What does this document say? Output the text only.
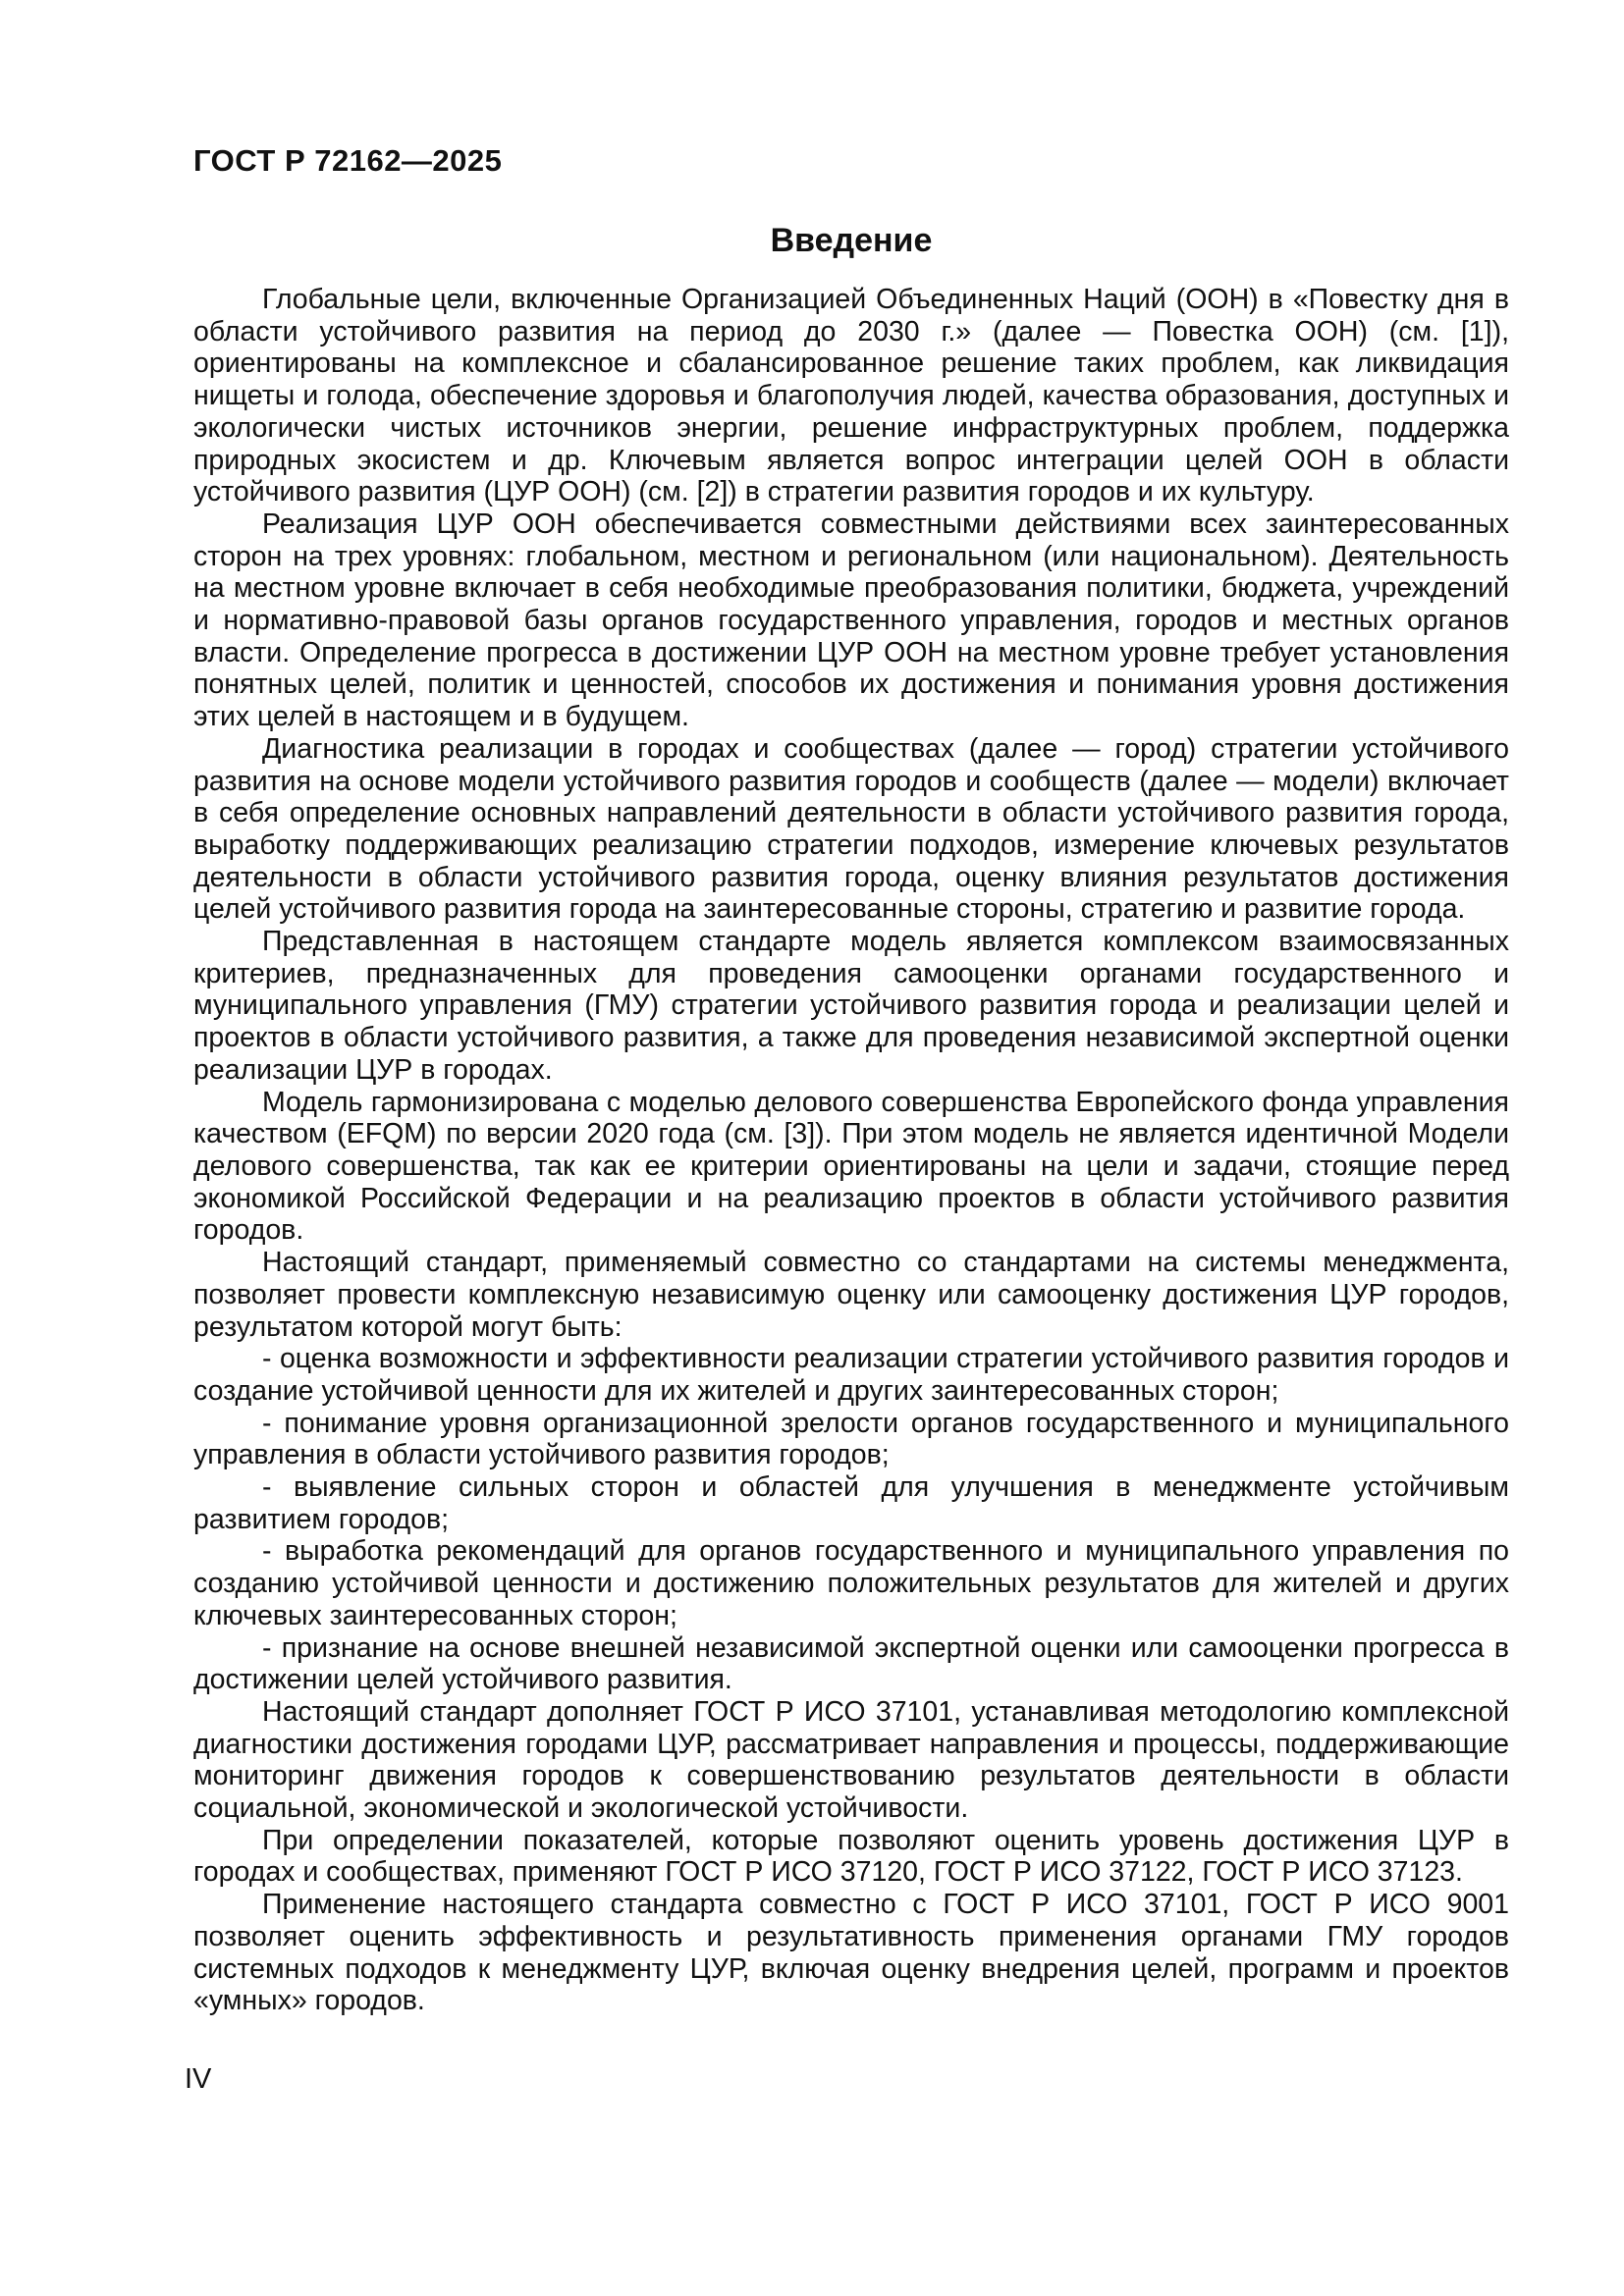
ГОСТ Р 72162—2025
Введение

Глобальные цели, включенные Организацией Объединенных Наций (ООН) в «Повестку дня в области устойчивого развития на период до 2030 г.» (далее — Повестка ООН) (см. [1]), ориентированы на комплексное и сбалансированное решение таких проблем, как ликвидация нищеты и голода, обеспечение здоровья и благополучия людей, качества образования, доступных и экологически чистых источников энергии, решение инфраструктурных проблем, поддержка природных экосистем и др. Ключевым является вопрос интеграции целей ООН в области устойчивого развития (ЦУР ООН) (см. [2]) в стратегии развития городов и их культуру.

Реализация ЦУР ООН обеспечивается совместными действиями всех заинтересованных сторон на трех уровнях: глобальном, местном и региональном (или национальном). Деятельность на местном уровне включает в себя необходимые преобразования политики, бюджета, учреждений и нормативно-правовой базы органов государственного управления, городов и местных органов власти. Определение прогресса в достижении ЦУР ООН на местном уровне требует установления понятных целей, политик и ценностей, способов их достижения и понимания уровня достижения этих целей в настоящем и в будущем.

Диагностика реализации в городах и сообществах (далее — город) стратегии устойчивого развития на основе модели устойчивого развития городов и сообществ (далее — модели) включает в себя определение основных направлений деятельности в области устойчивого развития города, выработку поддерживающих реализацию стратегии подходов, измерение ключевых результатов деятельности в области устойчивого развития города, оценку влияния результатов достижения целей устойчивого развития города на заинтересованные стороны, стратегию и развитие города.

Представленная в настоящем стандарте модель является комплексом взаимосвязанных критериев, предназначенных для проведения самооценки органами государственного и муниципального управления (ГМУ) стратегии устойчивого развития города и реализации целей и проектов в области устойчивого развития, а также для проведения независимой экспертной оценки реализации ЦУР в городах.

Модель гармонизирована с моделью делового совершенства Европейского фонда управления качеством (EFQM) по версии 2020 года (см. [3]). При этом модель не является идентичной Модели делового совершенства, так как ее критерии ориентированы на цели и задачи, стоящие перед экономикой Российской Федерации и на реализацию проектов в области устойчивого развития городов.

Настоящий стандарт, применяемый совместно со стандартами на системы менеджмента, позволяет провести комплексную независимую оценку или самооценку достижения ЦУР городов, результатом которой могут быть:

- оценка возможности и эффективности реализации стратегии устойчивого развития городов и создание устойчивой ценности для их жителей и других заинтересованных сторон;

- понимание уровня организационной зрелости органов государственного и муниципального управления в области устойчивого развития городов;

- выявление сильных сторон и областей для улучшения в менеджменте устойчивым развитием городов;

- выработка рекомендаций для органов государственного и муниципального управления по созданию устойчивой ценности и достижению положительных результатов для жителей и других ключевых заинтересованных сторон;

- признание на основе внешней независимой экспертной оценки или самооценки прогресса в достижении целей устойчивого развития.

Настоящий стандарт дополняет ГОСТ Р ИСО 37101, устанавливая методологию комплексной диагностики достижения городами ЦУР, рассматривает направления и процессы, поддерживающие мониторинг движения городов к совершенствованию результатов деятельности в области социальной, экономической и экологической устойчивости.

При определении показателей, которые позволяют оценить уровень достижения ЦУР в городах и сообществах, применяют ГОСТ Р ИСО 37120, ГОСТ Р ИСО 37122, ГОСТ Р ИСО 37123.

Применение настоящего стандарта совместно с ГОСТ Р ИСО 37101, ГОСТ Р ИСО 9001 позволяет оценить эффективность и результативность применения органами ГМУ городов системных подходов к менеджменту ЦУР, включая оценку внедрения целей, программ и проектов «умных» городов.

IV
